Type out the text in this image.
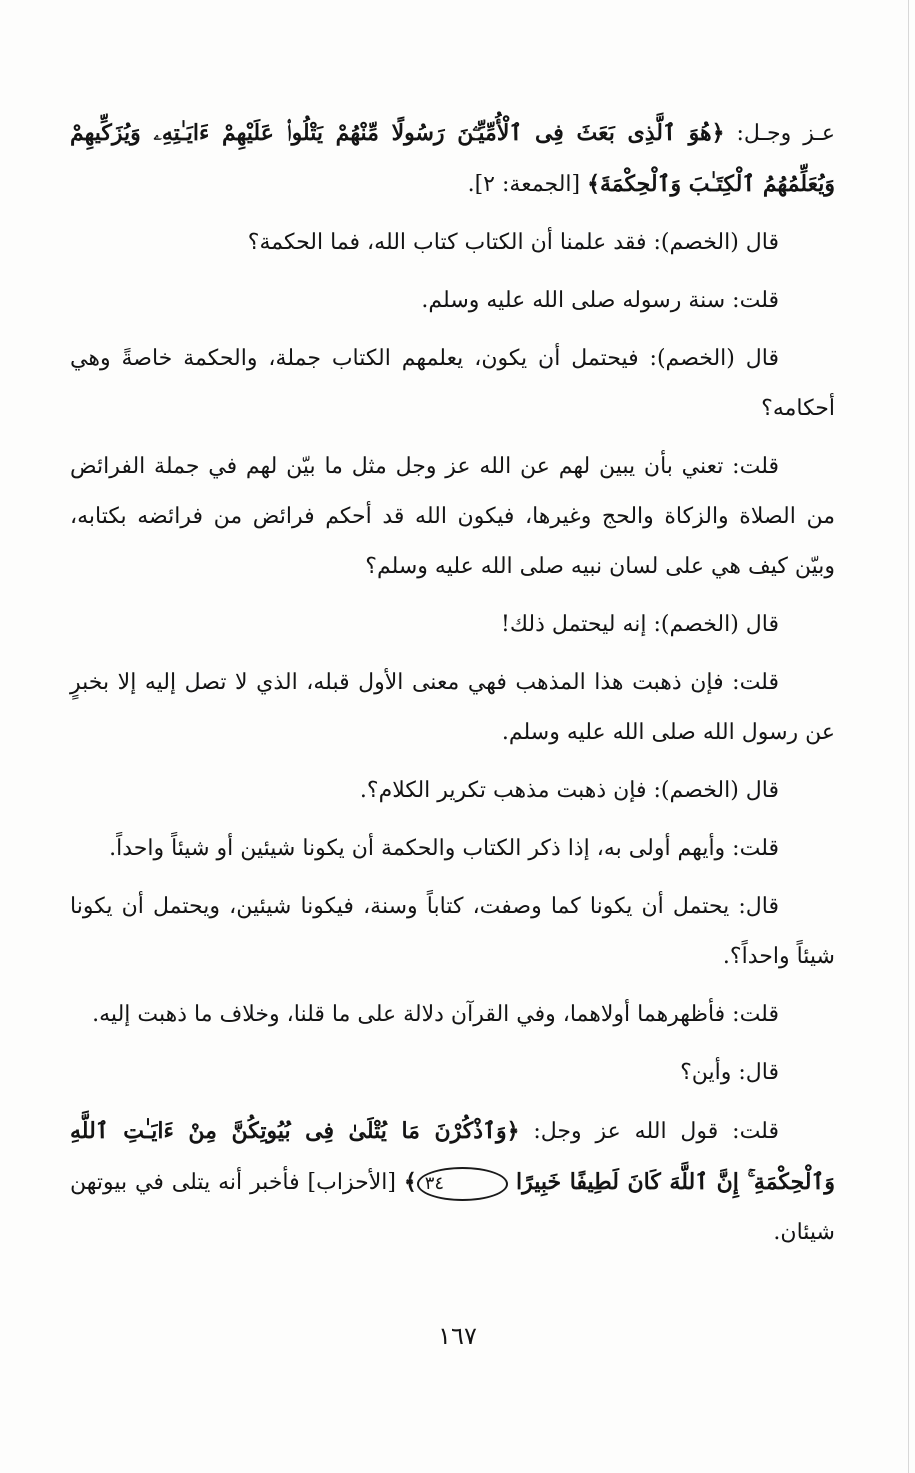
عـز وجـل: ﴿هُوَ ٱلَّذِى بَعَثَ فِى ٱلْأُمِّيِّـۧنَ رَسُولًا مِّنْهُمْ يَتْلُوا۟ عَلَيْهِمْ ءَايَـٰتِهِۦ وَيُزَكِّيهِمْ وَيُعَلِّمُهُمُ ٱلْكِتَـٰبَ وَٱلْحِكْمَةَ﴾ [الجمعة: ٢].

قال (الخصم): فقد علمنا أن الكتاب كتاب الله، فما الحكمة؟

قلت: سنة رسوله صلى الله عليه وسلم.

قال (الخصم): فيحتمل أن يكون، يعلمهم الكتاب جملة، والحكمة خاصةً وهي أحكامه؟

قلت: تعني بأن يبين لهم عن الله عز وجل مثل ما بيّن لهم في جملة الفرائض من الصلاة والزكاة والحج وغيرها، فيكون الله قد أحكم فرائض من فرائضه بكتابه، وبيّن كيف هي على لسان نبيه صلى الله عليه وسلم؟

قال (الخصم): إنه ليحتمل ذلك!

قلت: فإن ذهبت هذا المذهب فهي معنى الأول قبله، الذي لا تصل إليه إلا بخبرٍ عن رسول الله صلى الله عليه وسلم.

قال (الخصم): فإن ذهبت مذهب تكرير الكلام؟.

قلت: وأيهم أولى به، إذا ذكر الكتاب والحكمة أن يكونا شيئين أو شيئاً واحداً.

قال: يحتمل أن يكونا كما وصفت، كتاباً وسنة، فيكونا شيئين، ويحتمل أن يكونا شيئاً واحداً؟.

قلت: فأظهرهما أولاهما، وفي القرآن دلالة على ما قلنا، وخلاف ما ذهبت إليه.

قال: وأين؟

قلت: قول الله عز وجل: ﴿وَٱذْكُرْنَ مَا يُتْلَىٰ فِى بُيُوتِكُنَّ مِنْ ءَايَـٰتِ ٱللَّهِ وَٱلْحِكْمَةِ ۚ إِنَّ ٱللَّهَ كَانَ لَطِيفًا خَبِيرًا ٣٤﴾ [الأحزاب] فأخبر أنه يتلى في بيوتهن شيئان.

١٦٧
